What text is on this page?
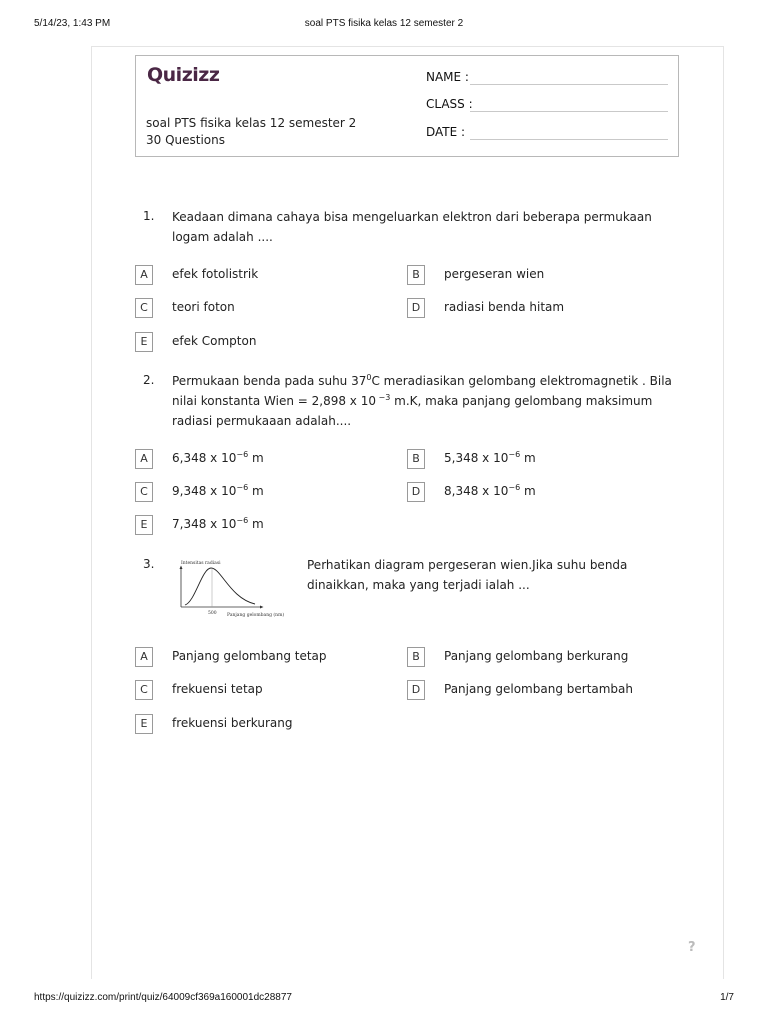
5/14/23, 1:43 PM	soal PTS fisika kelas 12 semester 2
Quizizz
soal PTS fisika kelas 12 semester 2
30 Questions
NAME :
CLASS :
DATE :
1. Keadaan dimana cahaya bisa mengeluarkan elektron dari beberapa permukaan logam adalah ....
A	efek fotolistrik	B	pergeseran wien
C	teori foton	D	radiasi benda hitam
E	efek Compton
2. Permukaan benda pada suhu $37^0C$ meradiasikan gelombang elektromagnetik . Bila nilai konstanta Wien = 2,898 x 10 $^{-3}$ m.K, maka panjang gelombang maksimum radiasi permukaaan adalah....
A	6,348 x $10^{-6}$ m	B	5,348 x $10^{-6}$ m
C	9,348 x $10^{-6}$ m	D	8,348 x $10^{-6}$ m
E	7,348 x $10^{-6}$ m
3.	Intensitas radiasi
500 Panjang gelombang (nm)
Perhatikan diagram pergeseran wien.Jika suhu benda dinaikkan, maka yang terjadi ialah ...
A	Panjang gelombang tetap	B	Panjang gelombang berkurang
C	frekuensi tetap	D	Panjang gelombang bertambah
E	frekuensi berkurang
?
https://quizizz.com/print/quiz/64009cf369a160001dc28877	1/7
